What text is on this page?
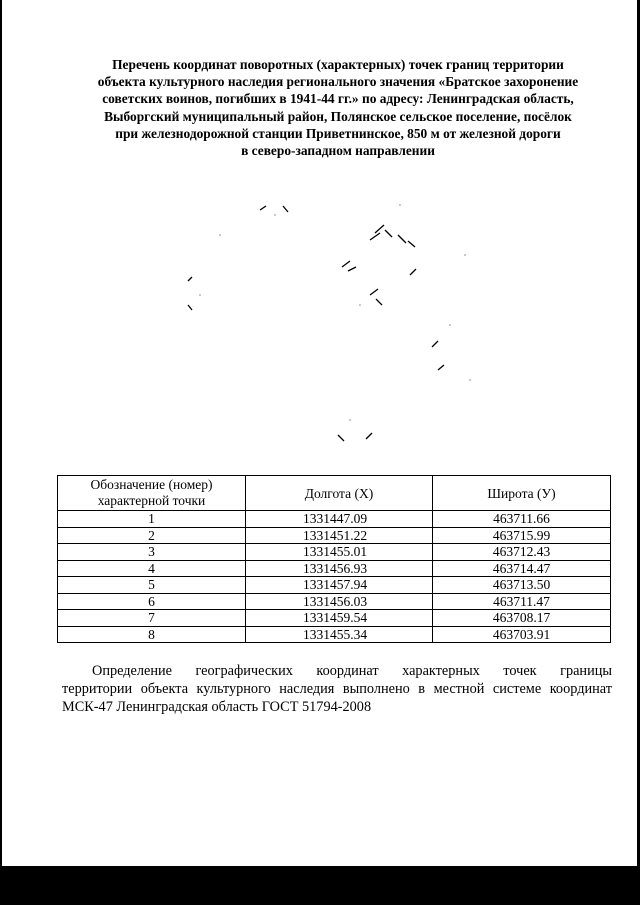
Перечень координат поворотных (характерных) точек границ территории
объекта культурного наследия регионального значения «Братское захоронение
советских воинов, погибших в 1941-44 гг.» по адресу: Ленинградская область,
Выборгский муниципальный район, Полянское сельское поселение, посёлок
при железнодорожной станции Приветнинское, 850 м от железной дороги
в северо-западном направлении
Обозначение (номер) характерной точки	Долгота (X)	Широта (У)
1	1331447.09	463711.66
2	1331451.22	463715.99
3	1331455.01	463712.43
4	1331456.93	463714.47
5	1331457.94	463713.50
6	1331456.03	463711.47
7	1331459.54	463708.17
8	1331455.34	463703.91
Определение географических координат характерных точек границы
территории объекта культурного наследия выполнено в местной системе координат
МСК-47 Ленинградская область ГОСТ 51794-2008
